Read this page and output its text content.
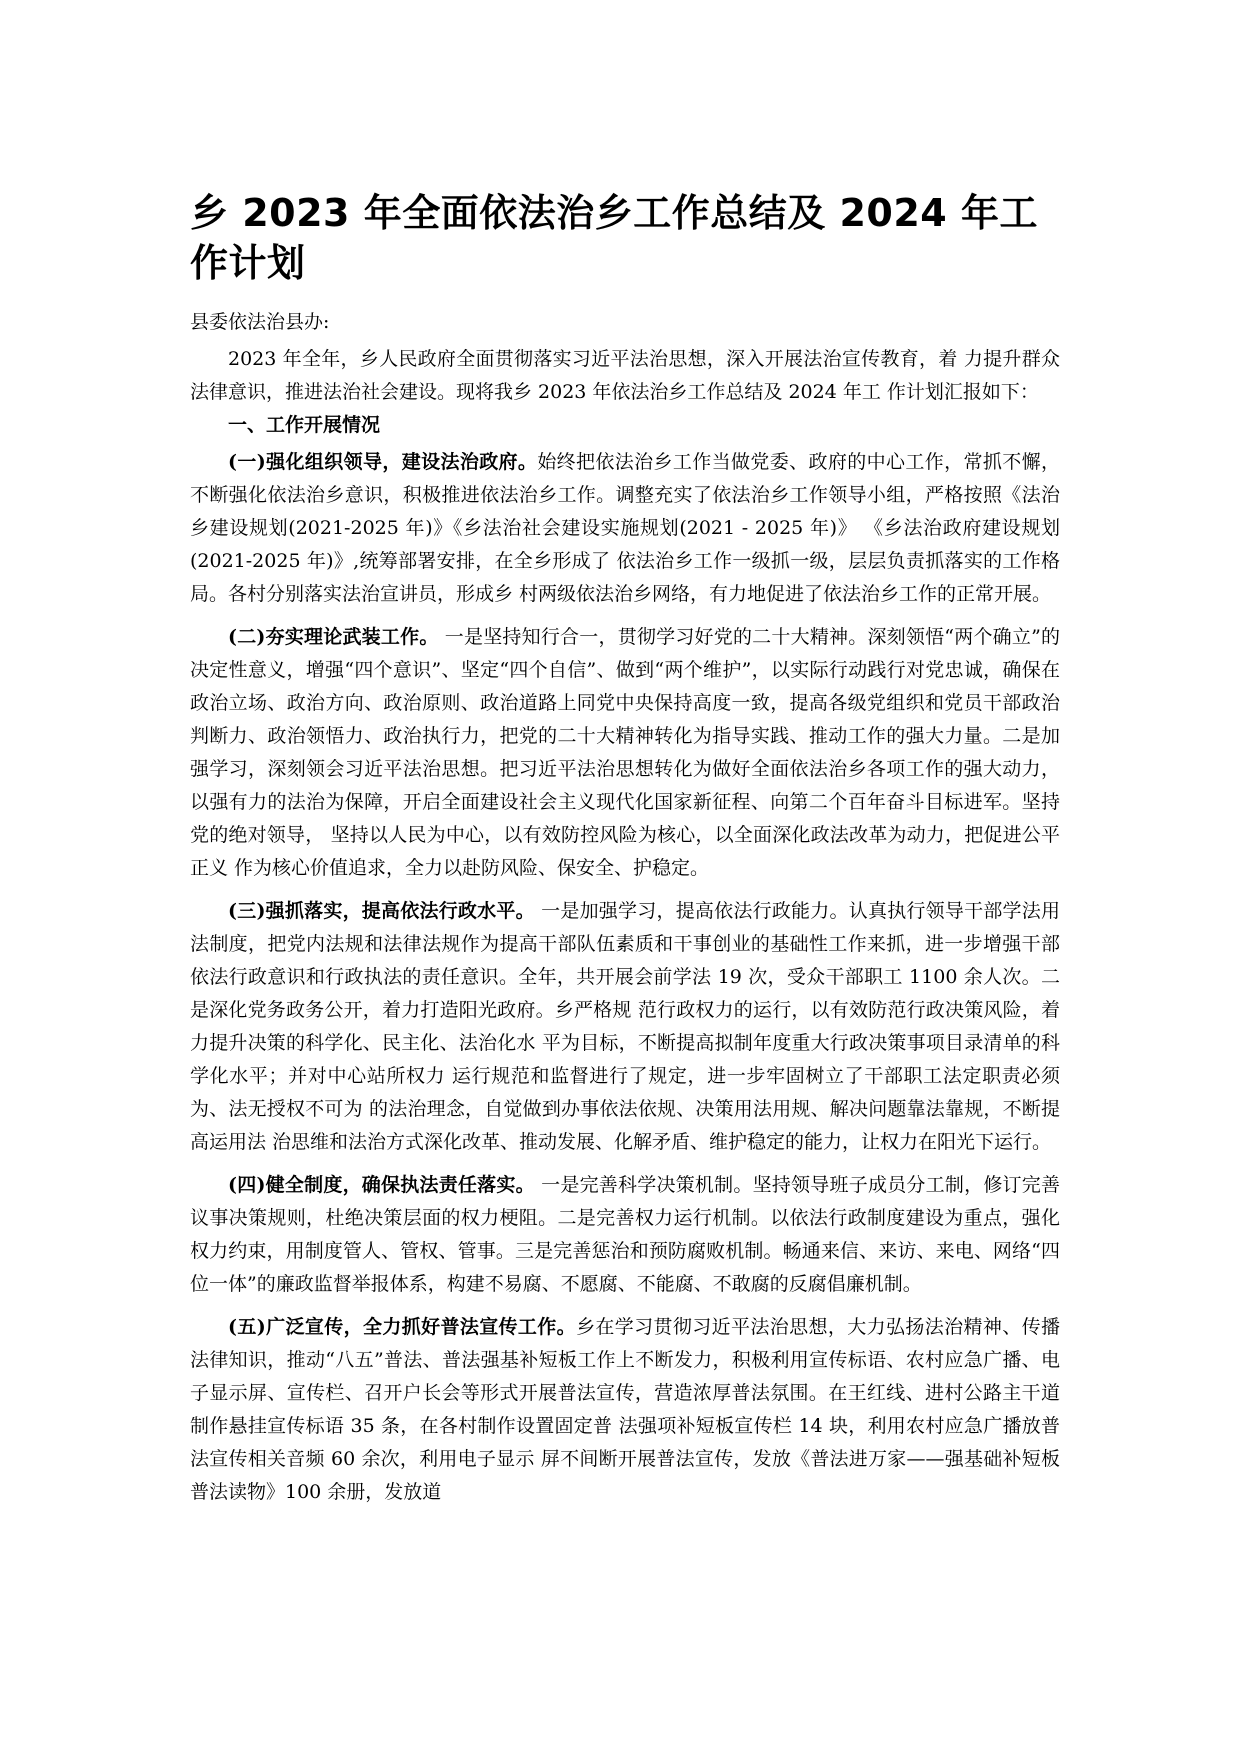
乡 2023 年全面依法治乡工作总结及 2024 年工作计划

县委依法治县办:

2023 年全年，乡人民政府全面贯彻落实习近平法治思想，深入开展法治宣传教育，着 力提升群众法律意识，推进法治社会建设。现将我乡 2023 年依法治乡工作总结及 2024 年工 作计划汇报如下：

一、工作开展情况

(一)强化组织领导，建设法治政府。始终把依法治乡工作当做党委、政府的中心工作，常抓不懈，不断强化依法治乡意识，积极推进依法治乡工作。调整充实了依法治乡工作领导小组，严格按照《法治乡建设规划(2021-2025 年)》《乡法治社会建设实施规划(2021 - 2025 年)》 《乡法治政府建设规划(2021-2025 年)》,统筹部署安排，在全乡形成了 依法治乡工作一级抓一级，层层负责抓落实的工作格局。各村分别落实法治宣讲员，形成乡 村两级依法治乡网络，有力地促进了依法治乡工作的正常开展。

(二)夯实理论武装工作。 一是坚持知行合一，贯彻学习好党的二十大精神。深刻领悟“两个确立”的决定性意义，增强“四个意识”、坚定“四个自信”、做到“两个维护”，以实际行动践行对党忠诚，确保在政治立场、政治方向、政治原则、政治道路上同党中央保持高度一致，提高各级党组织和党员干部政治判断力、政治领悟力、政治执行力，把党的二十大精神转化为指导实践、推动工作的强大力量。二是加强学习，深刻领会习近平法治思想。把习近平法治思想转化为做好全面依法治乡各项工作的强大动力，以强有力的法治为保障，开启全面建设社会主义现代化国家新征程、向第二个百年奋斗目标进军。坚持党的绝对领导， 坚持以人民为中心，以有效防控风险为核心，以全面深化政法改革为动力，把促进公平正义 作为核心价值追求，全力以赴防风险、保安全、护稳定。

(三)强抓落实，提高依法行政水平。 一是加强学习，提高依法行政能力。认真执行领导干部学法用法制度，把党内法规和法律法规作为提高干部队伍素质和干事创业的基础性工作来抓，进一步增强干部依法行政意识和行政执法的责任意识。全年，共开展会前学法 19 次，受众干部职工 1100 余人次。二是深化党务政务公开，着力打造阳光政府。乡严格规 范行政权力的运行，以有效防范行政决策风险，着力提升决策的科学化、民主化、法治化水 平为目标，不断提高拟制年度重大行政决策事项目录清单的科学化水平；并对中心站所权力 运行规范和监督进行了规定，进一步牢固树立了干部职工法定职责必须为、法无授权不可为 的法治理念，自觉做到办事依法依规、决策用法用规、解决问题靠法靠规，不断提高运用法 治思维和法治方式深化改革、推动发展、化解矛盾、维护稳定的能力，让权力在阳光下运行。

(四)健全制度，确保执法责任落实。 一是完善科学决策机制。坚持领导班子成员分工制，修订完善议事决策规则，杜绝决策层面的权力梗阻。二是完善权力运行机制。以依法行政制度建设为重点，强化权力约束，用制度管人、管权、管事。三是完善惩治和预防腐败机制。畅通来信、来访、来电、网络“四位一体”的廉政监督举报体系，构建不易腐、不愿腐、不能腐、不敢腐的反腐倡廉机制。

(五)广泛宣传，全力抓好普法宣传工作。乡在学习贯彻习近平法治思想，大力弘扬法治精神、传播法律知识，推动“八五”普法、普法强基补短板工作上不断发力，积极利用宣传标语、农村应急广播、电子显示屏、宣传栏、召开户长会等形式开展普法宣传，营造浓厚普法氛围。在王红线、进村公路主干道制作悬挂宣传标语 35 条，在各村制作设置固定普 法强项补短板宣传栏 14 块，利用农村应急广播放普法宣传相关音频 60 余次，利用电子显示 屏不间断开展普法宣传，发放《普法进万家——强基础补短板普法读物》100 余册，发放道
